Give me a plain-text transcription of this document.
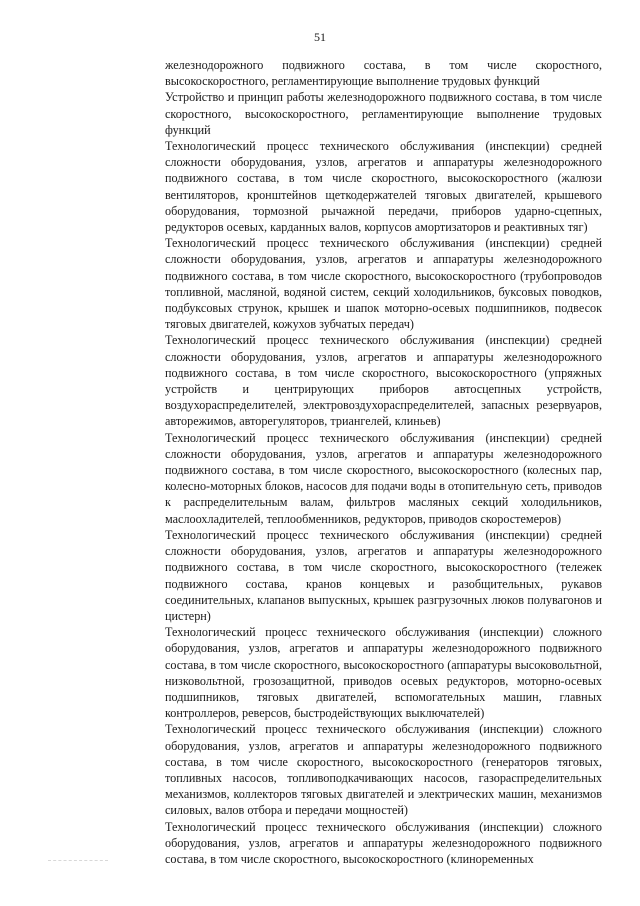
51

железнодорожного подвижного состава, в том числе скоростного, высокоскоростного, регламентирующие выполнение трудовых функций

Устройство и принцип работы железнодорожного подвижного состава, в том числе скоростного, высокоскоростного, регламентирующие выполнение трудовых функций

Технологический процесс технического обслуживания (инспекции) средней сложности оборудования, узлов, агрегатов и аппаратуры железнодорожного подвижного состава, в том числе скоростного, высокоскоростного (жалюзи вентиляторов, кронштейнов щеткодержателей тяговых двигателей, крышевого оборудования, тормозной рычажной передачи, приборов ударно-сцепных, редукторов осевых, карданных валов, корпусов амортизаторов и реактивных тяг)

Технологический процесс технического обслуживания (инспекции) средней сложности оборудования, узлов, агрегатов и аппаратуры железнодорожного подвижного состава, в том числе скоростного, высокоскоростного (трубопроводов топливной, масляной, водяной систем, секций холодильников, буксовых поводков, подбуксовых струнок, крышек и шапок моторно-осевых подшипников, подвесок тяговых двигателей, кожухов зубчатых передач)

Технологический процесс технического обслуживания (инспекции) средней сложности оборудования, узлов, агрегатов и аппаратуры железнодорожного подвижного состава, в том числе скоростного, высокоскоростного (упряжных устройств и центрирующих приборов автосцепных устройств, воздухораспределителей, электровоздухораспределителей, запасных резервуаров, авторежимов, авторегуляторов, триангелей, клиньев)

Технологический процесс технического обслуживания (инспекции) средней сложности оборудования, узлов, агрегатов и аппаратуры железнодорожного подвижного состава, в том числе скоростного, высокоскоростного (колесных пар, колесно-моторных блоков, насосов для подачи воды в отопительную сеть, приводов к распределительным валам, фильтров масляных секций холодильников, маслоохладителей, теплообменников, редукторов, приводов скоростемеров)

Технологический процесс технического обслуживания (инспекции) средней сложности оборудования, узлов, агрегатов и аппаратуры железнодорожного подвижного состава, в том числе скоростного, высокоскоростного (тележек подвижного состава, кранов концевых и разобщительных, рукавов соединительных, клапанов выпускных, крышек разгрузочных люков полувагонов и цистерн)

Технологический процесс технического обслуживания (инспекции) сложного оборудования, узлов, агрегатов и аппаратуры железнодорожного подвижного состава, в том числе скоростного, высокоскоростного (аппаратуры высоковольтной, низковольтной, грозозащитной, приводов осевых редукторов, моторно-осевых подшипников, тяговых двигателей, вспомогательных машин, главных контроллеров, реверсов, быстродействующих выключателей)

Технологический процесс технического обслуживания (инспекции) сложного оборудования, узлов, агрегатов и аппаратуры железнодорожного подвижного состава, в том числе скоростного, высокоскоростного (генераторов тяговых, топливных насосов, топливоподкачивающих насосов, газораспределительных механизмов, коллекторов тяговых двигателей и электрических машин, механизмов силовых, валов отбора и передачи мощностей)

Технологический процесс технического обслуживания (инспекции) сложного оборудования, узлов, агрегатов и аппаратуры железнодорожного подвижного состава, в том числе скоростного, высокоскоростного (клиноременных
